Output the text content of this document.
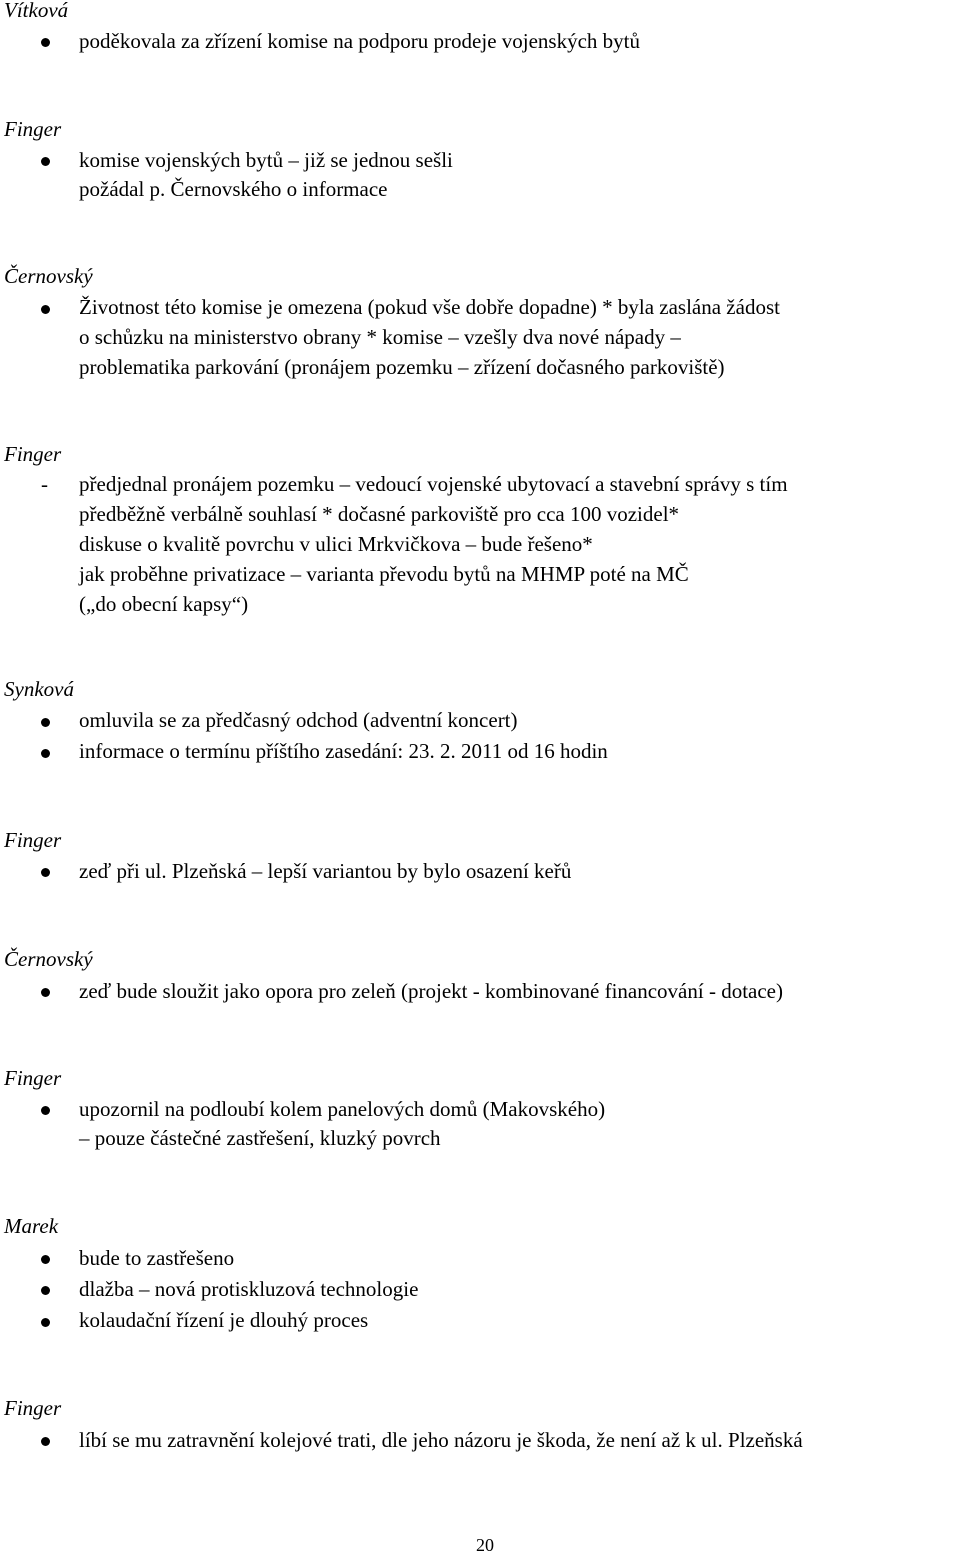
Vítková
poděkovala za zřízení komise na podporu prodeje vojenských bytů
Finger
komise vojenských bytů – již se jednou sešli
požádal p. Černovského o informace
Černovský
Životnost této komise je omezena (pokud vše dobře dopadne) * byla zaslána žádost
o schůzku na ministerstvo obrany * komise – vzešly dva nové nápady –
problematika parkování (pronájem pozemku – zřízení dočasného parkoviště)
Finger
- předjednal pronájem pozemku – vedoucí vojenské ubytovací a stavební správy s tím
předběžně verbálně souhlasí * dočasné parkoviště pro cca 100 vozidel*
diskuse o kvalitě povrchu v ulici Mrkvičkova – bude řešeno*
jak proběhne privatizace – varianta převodu bytů na MHMP poté na MČ
(„do obecní kapsy“)
Synková
omluvila se za předčasný odchod (adventní koncert)
informace o termínu příštího zasedání: 23. 2. 2011 od 16 hodin
Finger
zeď při ul. Plzeňská – lepší variantou by bylo osazení keřů
Černovský
zeď bude sloužit jako opora pro zeleň (projekt - kombinované financování - dotace)
Finger
upozornil na podloubí kolem panelových domů (Makovského)
– pouze částečné zastřešení, kluzký povrch
Marek
bude to zastřešeno
dlažba – nová protiskluzová technologie
kolaudační řízení je dlouhý proces
Finger
líbí se mu zatravnění kolejové trati, dle jeho názoru je škoda, že není až k ul. Plzeňská
20
